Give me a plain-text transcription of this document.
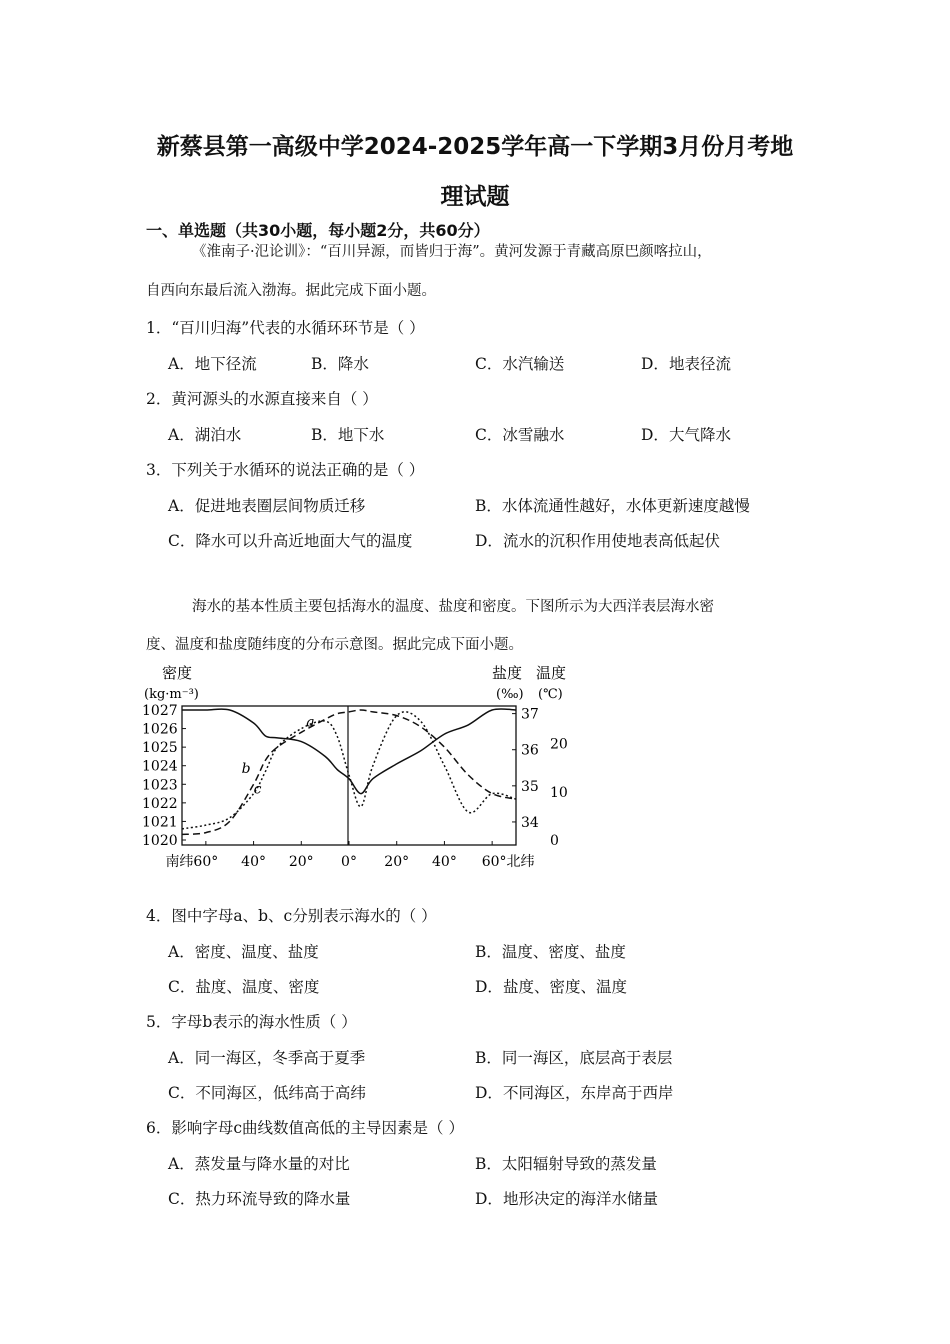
新蔡县第一高级中学2024-2025学年高一下学期3月份月考地
理试题
一、单选题（共30小题，每小题2分，共60分）
《淮南子·氾论训》：“百川异源，而皆归于海”。黄河发源于青藏高原巴颜喀拉山，
自西向东最后流入渤海。据此完成下面小题。
1．“百川归海”代表的水循环环节是（ ）
A．地下径流	B．降水	C．水汽输送	D．地表径流
2．黄河源头的水源直接来自（ ）
A．湖泊水	B．地下水	C．冰雪融水	D．大气降水
3．下列关于水循环的说法正确的是（ ）
A．促进地表圈层间物质迁移	B．水体流通性越好，水体更新速度越慢
C．降水可以升高近地面大气的温度	D．流水的沉积作用使地表高低起伏
海水的基本性质主要包括海水的温度、盐度和密度。下图所示为大西洋表层海水密
度、温度和盐度随纬度的分布示意图。据此完成下面小题。
密度
(kg·m⁻³)
盐度
(‰)
温度
(℃)
1027
1026
1025
1024
1023
1022
1021
1020
37
36
35
34
20
10
0
南纬60° 40° 20° 0° 20° 40° 60°北纬
a
b
c
4．图中字母a、b、c分别表示海水的（ ）
A．密度、温度、盐度	B．温度、密度、盐度
C．盐度、温度、密度	D．盐度、密度、温度
5．字母b表示的海水性质（ ）
A．同一海区，冬季高于夏季	B．同一海区，底层高于表层
C．不同海区，低纬高于高纬	D．不同海区，东岸高于西岸
6．影响字母c曲线数值高低的主导因素是（ ）
A．蒸发量与降水量的对比	B．太阳辐射导致的蒸发量
C．热力环流导致的降水量	D．地形决定的海洋水储量
